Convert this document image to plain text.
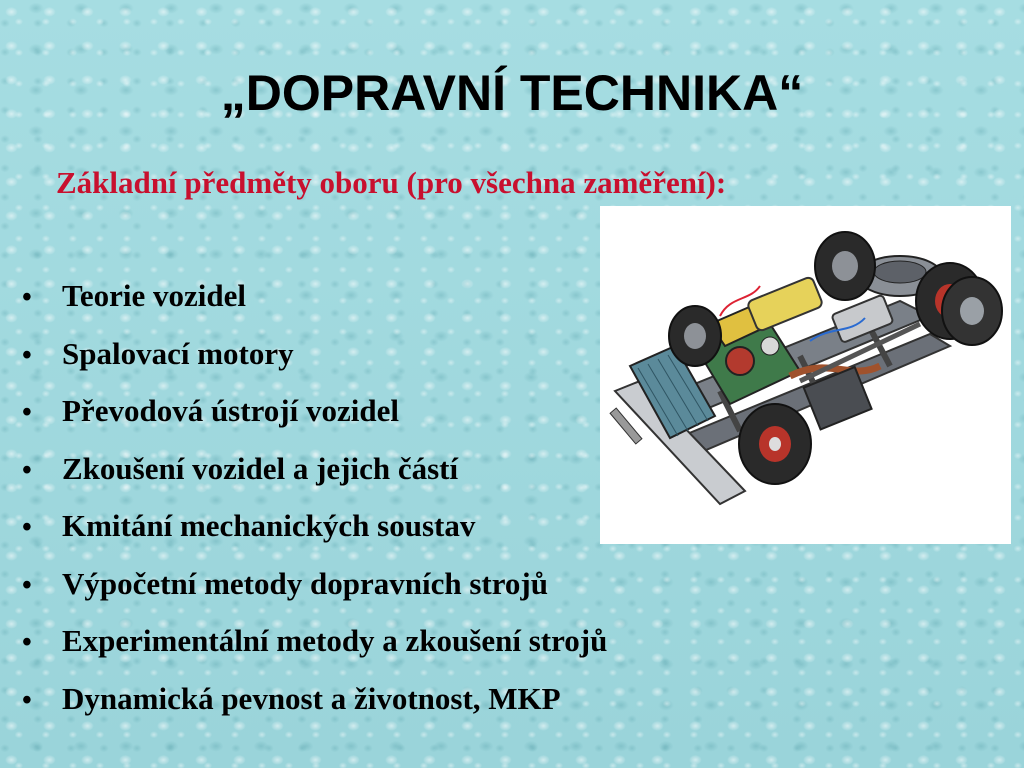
„DOPRAVNÍ TECHNIKA“

Základní předměty oboru (pro všechna zaměření):

• Teorie vozidel
• Spalovací motory
• Převodová ústrojí vozidel
• Zkoušení vozidel a jejich částí
• Kmitání mechanických soustav
• Výpočetní metody dopravních strojů
• Experimentální metody a zkoušení strojů
• Dynamická pevnost a životnost, MKP
